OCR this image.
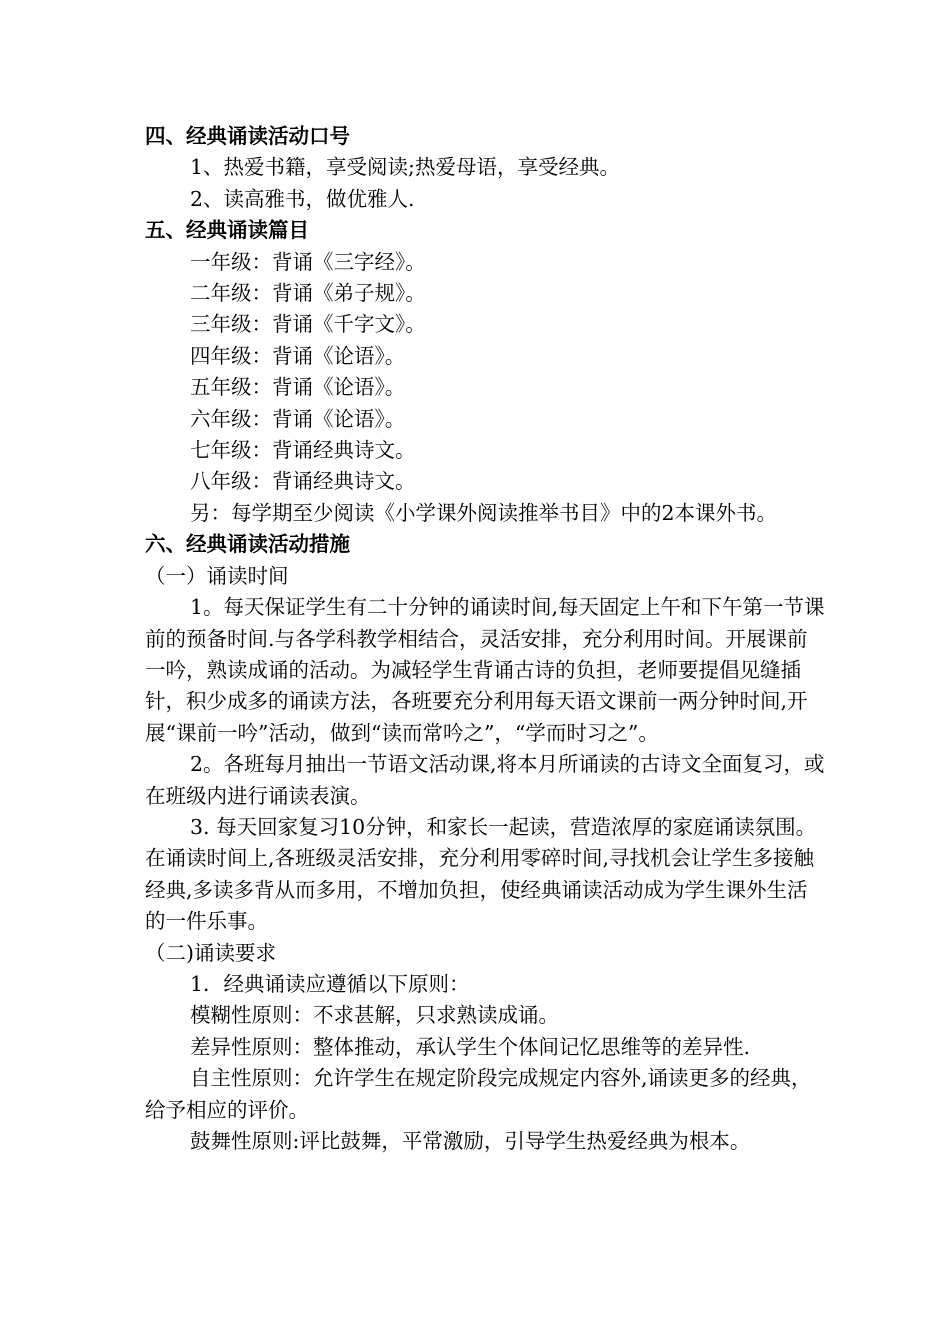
四、经典诵读活动口号

1、热爱书籍，享受阅读;热爱母语，享受经典。

2、读高雅书，做优雅人.

五、经典诵读篇目

一年级：背诵《三字经》。

二年级：背诵《弟子规》。

三年级：背诵《千字文》。

四年级：背诵《论语》。

五年级：背诵《论语》。

六年级：背诵《论语》。

七年级：背诵经典诗文。

八年级：背诵经典诗文。

另：每学期至少阅读《小学课外阅读推举书目》中的2本课外书。

六、经典诵读活动措施

（一）诵读时间

1。每天保证学生有二十分钟的诵读时间,每天固定上午和下午第一节课前的预备时间.与各学科教学相结合，灵活安排，充分利用时间。开展课前一吟，熟读成诵的活动。为减轻学生背诵古诗的负担，老师要提倡见缝插针，积少成多的诵读方法，各班要充分利用每天语文课前一两分钟时间,开展“课前一吟”活动，做到“读而常吟之”，“学而时习之”。

2。各班每月抽出一节语文活动课,将本月所诵读的古诗文全面复习，或在班级内进行诵读表演。

3. 每天回家复习10分钟，和家长一起读，营造浓厚的家庭诵读氛围。在诵读时间上,各班级灵活安排，充分利用零碎时间,寻找机会让学生多接触经典,多读多背从而多用，不增加负担，使经典诵读活动成为学生课外生活的一件乐事。

（二)诵读要求

1．经典诵读应遵循以下原则：

模糊性原则：不求甚解，只求熟读成诵。

差异性原则：整体推动，承认学生个体间记忆思维等的差异性.

自主性原则：允许学生在规定阶段完成规定内容外,诵读更多的经典，给予相应的评价。

鼓舞性原则:评比鼓舞，平常激励，引导学生热爱经典为根本。
